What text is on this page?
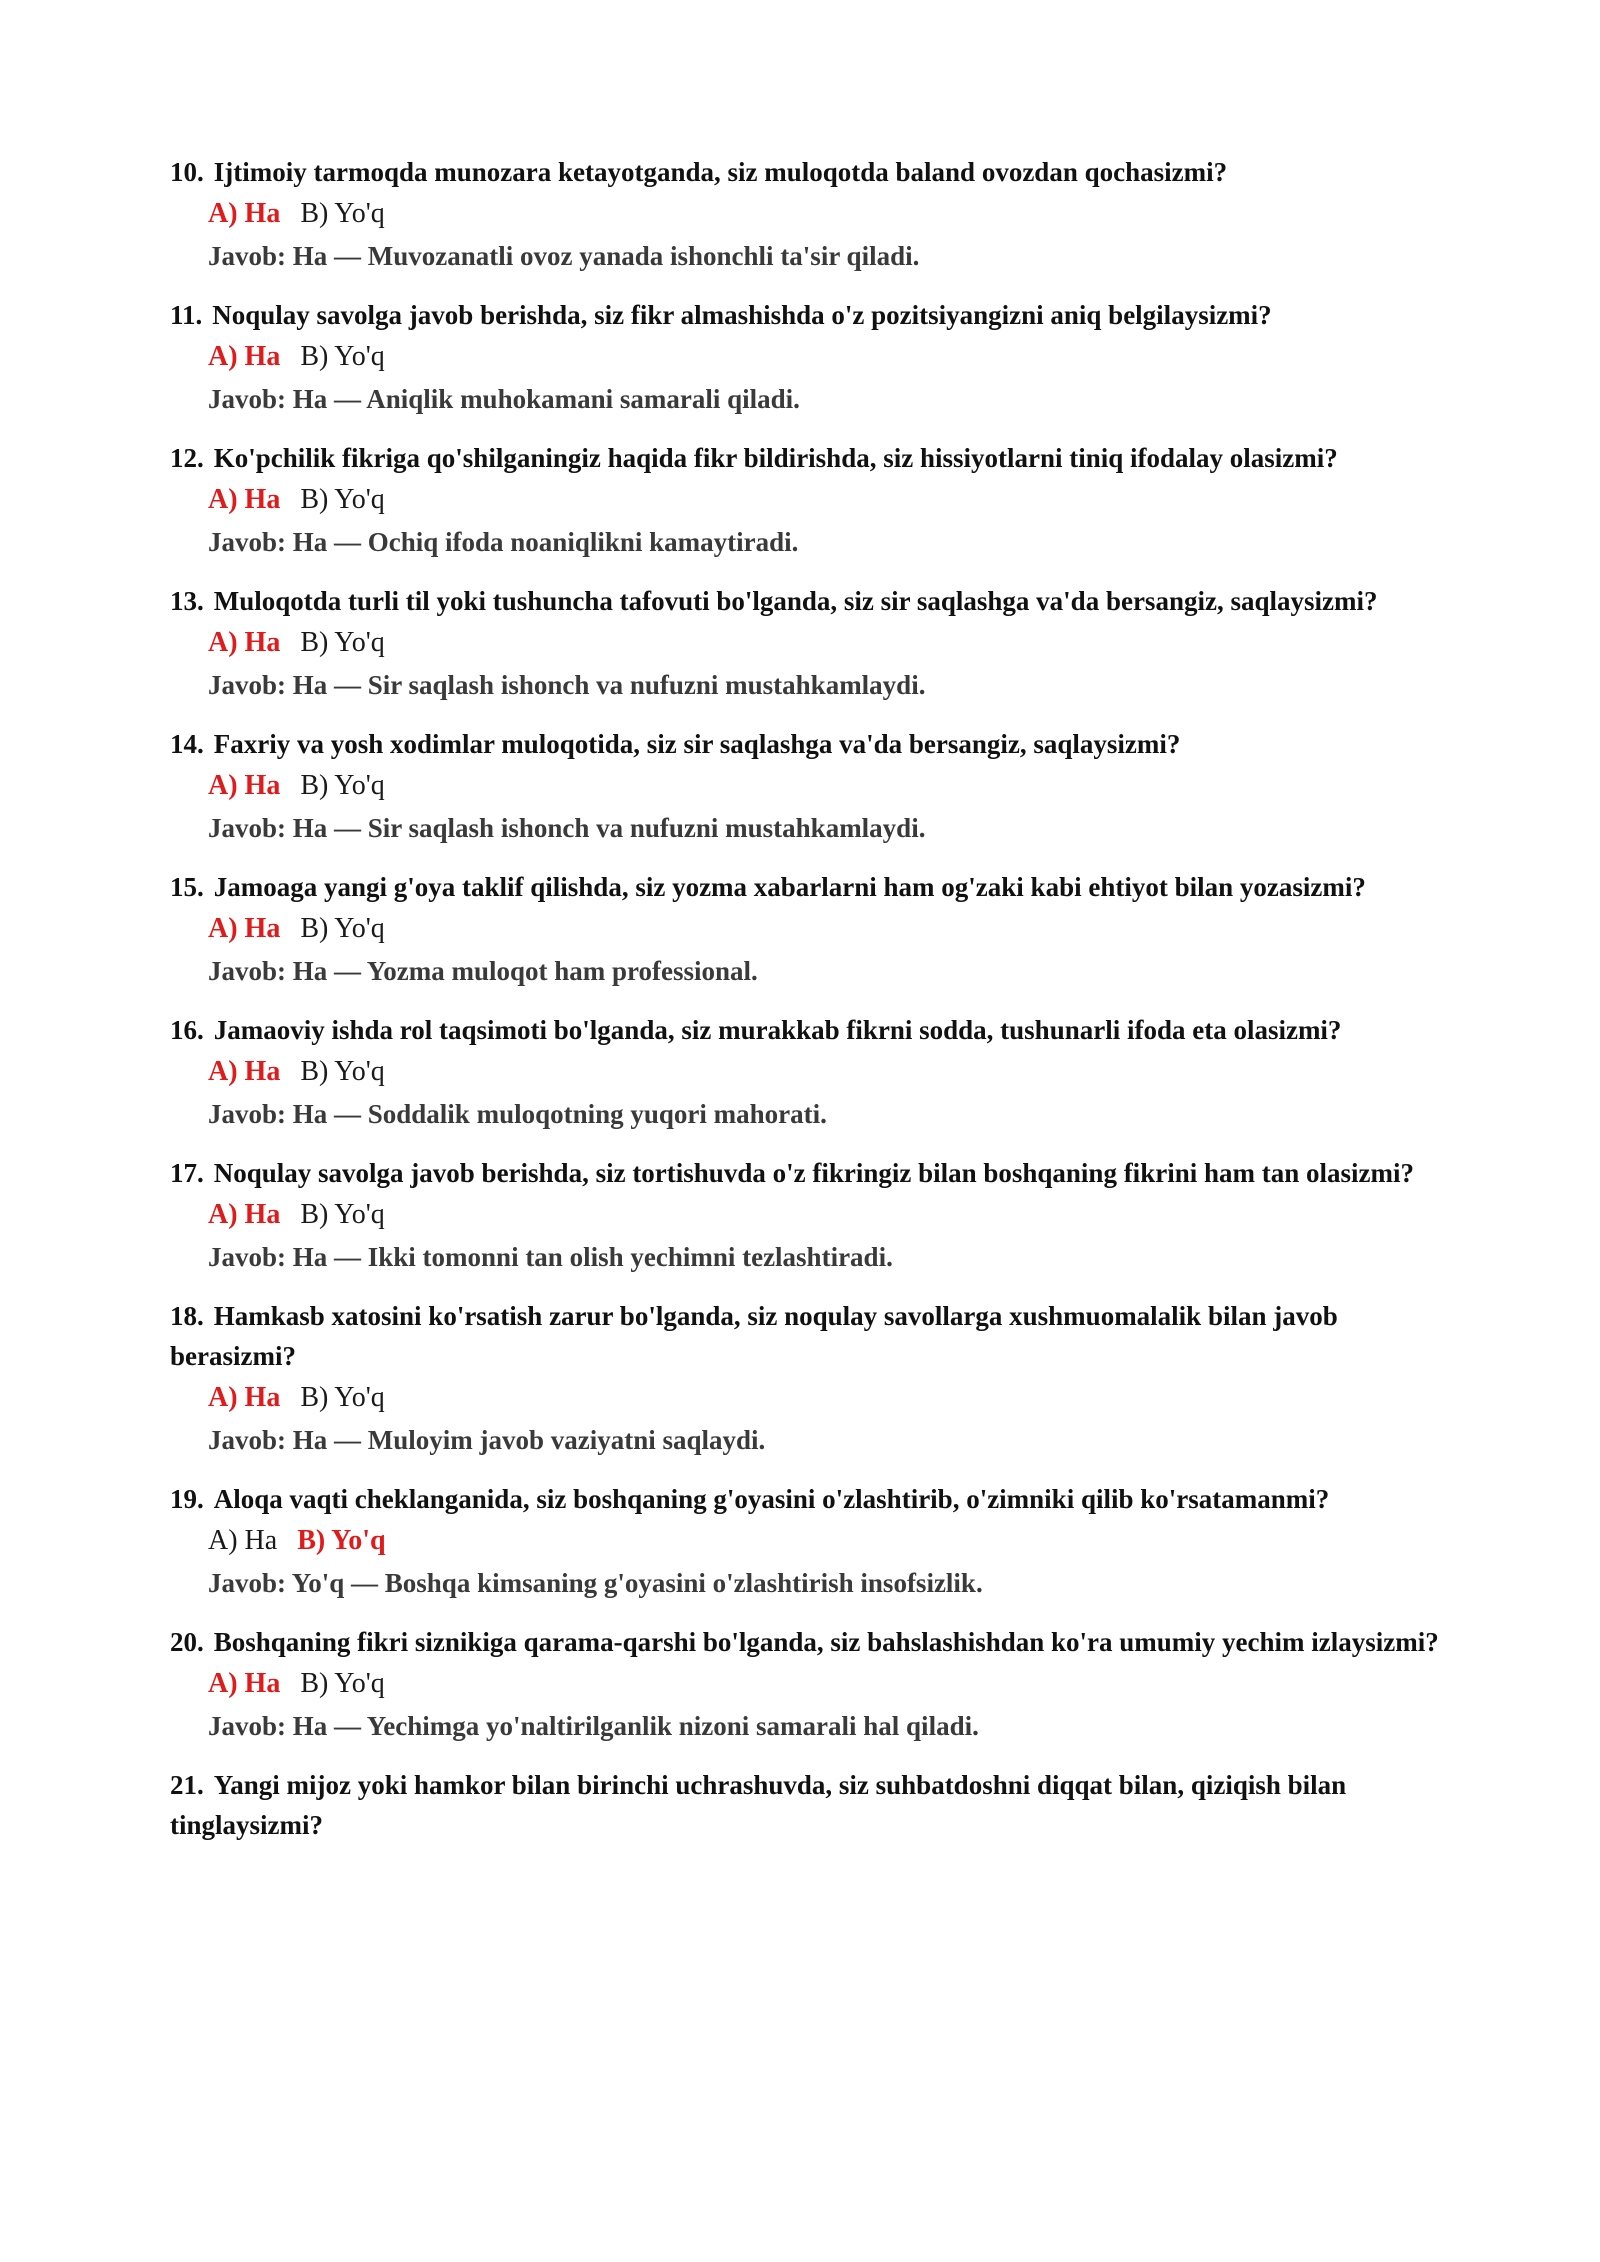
10. Ijtimoiy tarmoqda munozara ketayotganda, siz muloqotda baland ovozdan qochasizmi?
A) Ha B) Yo'q
Javob: Ha — Muvozanatli ovoz yanada ishonchli ta'sir qiladi.
11. Noqulay savolga javob berishda, siz fikr almashishda o'z pozitsiyangizni aniq belgilaysizmi?
A) Ha B) Yo'q
Javob: Ha — Aniqlik muhokamani samarali qiladi.
12. Ko'pchilik fikriga qo'shilganingiz haqida fikr bildirishda, siz hissiyotlarni tiniq ifodalay olasizmi?
A) Ha B) Yo'q
Javob: Ha — Ochiq ifoda noaniqlikni kamaytiradi.
13. Muloqotda turli til yoki tushuncha tafovuti bo'lganda, siz sir saqlashga va'da bersangiz, saqlaysizmi?
A) Ha B) Yo'q
Javob: Ha — Sir saqlash ishonch va nufuzni mustahkamlaydi.
14. Faxriy va yosh xodimlar muloqotida, siz sir saqlashga va'da bersangiz, saqlaysizmi?
A) Ha B) Yo'q
Javob: Ha — Sir saqlash ishonch va nufuzni mustahkamlaydi.
15. Jamoaga yangi g'oya taklif qilishda, siz yozma xabarlarni ham og'zaki kabi ehtiyot bilan yozasizmi?
A) Ha B) Yo'q
Javob: Ha — Yozma muloqot ham professional.
16. Jamaoviy ishda rol taqsimoti bo'lganda, siz murakkab fikrni sodda, tushunarli ifoda eta olasizmi?
A) Ha B) Yo'q
Javob: Ha — Soddalik muloqotning yuqori mahorati.
17. Noqulay savolga javob berishda, siz tortishuvda o'z fikringiz bilan boshqaning fikrini ham tan olasizmi?
A) Ha B) Yo'q
Javob: Ha — Ikki tomonni tan olish yechimni tezlashtiradi.
18. Hamkasb xatosini ko'rsatish zarur bo'lganda, siz noqulay savollarga xushmuomalalik bilan javob berasizmi?
A) Ha B) Yo'q
Javob: Ha — Muloyim javob vaziyatni saqlaydi.
19. Aloqa vaqti cheklanganida, siz boshqaning g'oyasini o'zlashtirib, o'zimniki qilib ko'rsatamanmi?
A) Ha B) Yo'q
Javob: Yo'q — Boshqa kimsaning g'oyasini o'zlashtirish insofsizlik.
20. Boshqaning fikri siznikiga qarama-qarshi bo'lganda, siz bahslashishdan ko'ra umumiy yechim izlaysizmi?
A) Ha B) Yo'q
Javob: Ha — Yechimga yo'naltirilganlik nizoni samarali hal qiladi.
21. Yangi mijoz yoki hamkor bilan birinchi uchrashuvda, siz suhbatdoshni diqqat bilan, qiziqish bilan tinglaysizmi?
